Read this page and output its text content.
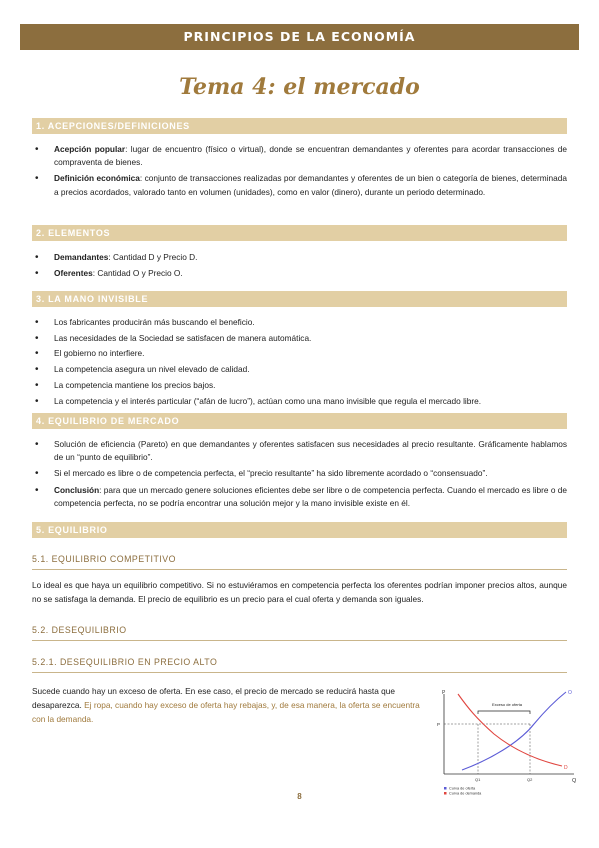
PRINCIPIOS DE LA ECONOMÍA
Tema 4: el mercado
1. ACEPCIONES/DEFINICIONES
• Acepción popular: lugar de encuentro (físico o virtual), donde se encuentran demandantes y oferentes para acordar transacciones de compraventa de bienes.
• Definición económica: conjunto de transacciones realizadas por demandantes y oferentes de un bien o categoría de bienes, determinada a precios acordados, valorado tanto en volumen (unidades), como en valor (dinero), durante un periodo determinado.
2. ELEMENTOS
• Demandantes: Cantidad D y Precio D.
• Oferentes: Cantidad O y Precio O.
3. LA MANO INVISIBLE
• Los fabricantes producirán más buscando el beneficio.
• Las necesidades de la Sociedad se satisfacen de manera automática.
• El gobierno no interfiere.
• La competencia asegura un nivel elevado de calidad.
• La competencia mantiene los precios bajos.
• La competencia y el interés particular (“afán de lucro”), actúan como una mano invisible que regula el mercado libre.
4. EQUILIBRIO DE MERCADO
• Solución de eficiencia (Pareto) en que demandantes y oferentes satisfacen sus necesidades al precio resultante. Gráficamente hablamos de un “punto de equilibrio”.
• Si el mercado es libre o de competencia perfecta, el “precio resultante” ha sido libremente acordado o “consensuado”.
• Conclusión: para que un mercado genere soluciones eficientes debe ser libre o de competencia perfecta. Cuando el mercado es libre o de competencia perfecta, no se podría encontrar una solución mejor y la mano invisible existe en él.
5. EQUILIBRIO
5.1. EQUILIBRIO COMPETITIVO
Lo ideal es que haya un equilibrio competitivo. Si no estuviéramos en competencia perfecta los oferentes podrían imponer precios altos, aunque no se satisfaga la demanda. El precio de equilibrio es un precio para el cual oferta y demanda son iguales.
5.2. DESEQUILIBRIO
5.2.1. DESEQUILIBRIO EN PRECIO ALTO
Sucede cuando hay un exceso de oferta. En ese caso, el precio de mercado se reducirá hasta que desaparezca. Ej ropa, cuando hay exceso de oferta hay rebajas, y, de esa manera, la oferta se encuentra con la demanda.
P
Q
P
Q1	Q2
O
D
Exceso de oferta
Curva de oferta
Curva de demanda
8
